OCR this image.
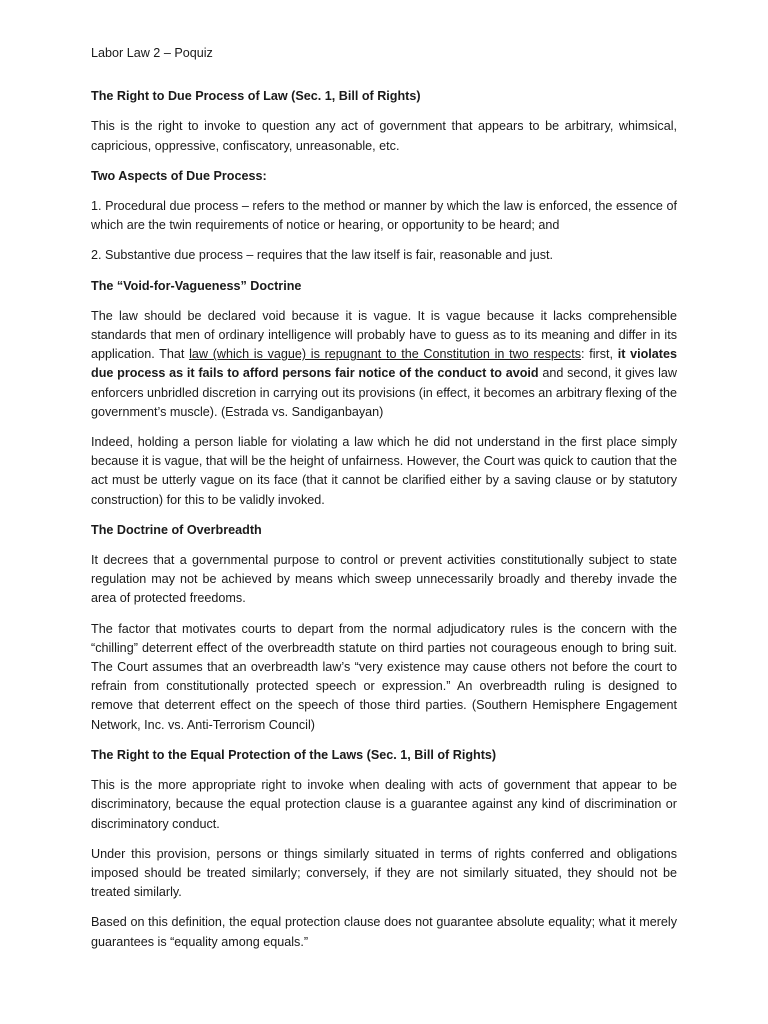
Labor Law 2 – Poquiz

The Right to Due Process of Law (Sec. 1, Bill of Rights)

This is the right to invoke to question any act of government that appears to be arbitrary, whimsical, capricious, oppressive, confiscatory, unreasonable, etc.

Two Aspects of Due Process:

1. Procedural due process – refers to the method or manner by which the law is enforced, the essence of which are the twin requirements of notice or hearing, or opportunity to be heard; and

2. Substantive due process – requires that the law itself is fair, reasonable and just.

The “Void-for-Vagueness” Doctrine

The law should be declared void because it is vague. It is vague because it lacks comprehensible standards that men of ordinary intelligence will probably have to guess as to its meaning and differ in its application. That law (which is vague) is repugnant to the Constitution in two respects: first, it violates due process as it fails to afford persons fair notice of the conduct to avoid and second, it gives law enforcers unbridled discretion in carrying out its provisions (in effect, it becomes an arbitrary flexing of the government’s muscle). (Estrada vs. Sandiganbayan)

Indeed, holding a person liable for violating a law which he did not understand in the first place simply because it is vague, that will be the height of unfairness. However, the Court was quick to caution that the act must be utterly vague on its face (that it cannot be clarified either by a saving clause or by statutory construction) for this to be validly invoked.

The Doctrine of Overbreadth

It decrees that a governmental purpose to control or prevent activities constitutionally subject to state regulation may not be achieved by means which sweep unnecessarily broadly and thereby invade the area of protected freedoms.

The factor that motivates courts to depart from the normal adjudicatory rules is the concern with the “chilling” deterrent effect of the overbreadth statute on third parties not courageous enough to bring suit. The Court assumes that an overbreadth law’s “very existence may cause others not before the court to refrain from constitutionally protected speech or expression.” An overbreadth ruling is designed to remove that deterrent effect on the speech of those third parties. (Southern Hemisphere Engagement Network, Inc. vs. Anti-Terrorism Council)

The Right to the Equal Protection of the Laws (Sec. 1, Bill of Rights)

This is the more appropriate right to invoke when dealing with acts of government that appear to be discriminatory, because the equal protection clause is a guarantee against any kind of discrimination or discriminatory conduct.

Under this provision, persons or things similarly situated in terms of rights conferred and obligations imposed should be treated similarly; conversely, if they are not similarly situated, they should not be treated similarly.

Based on this definition, the equal protection clause does not guarantee absolute equality; what it merely guarantees is “equality among equals.”
